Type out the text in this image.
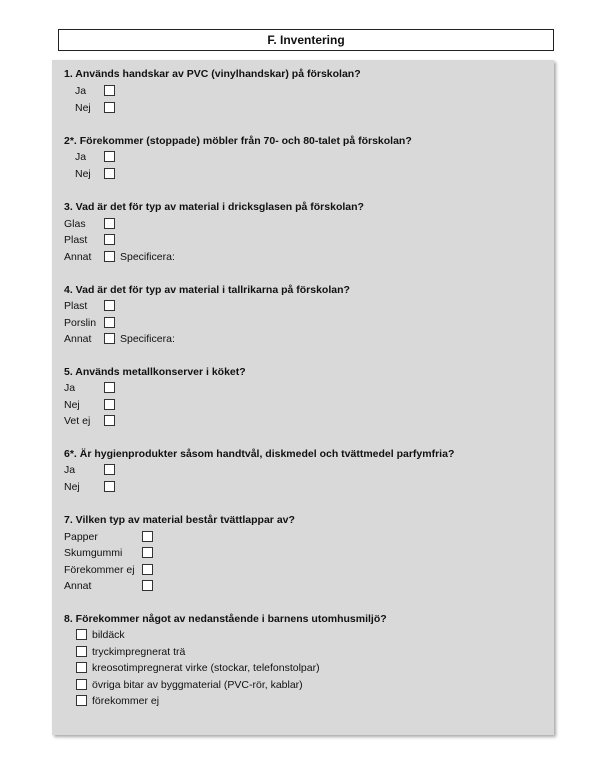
F. Inventering
1. Används handskar av PVC (vinylhandskar) på förskolan?
Ja
Nej
2*. Förekommer (stoppade) möbler från 70- och 80-talet på förskolan?
Ja
Nej
3. Vad är det för typ av material i dricksglasen på förskolan?
Glas
Plast
Annat	Specificera:
4. Vad är det för typ av material i tallrikarna på förskolan?
Plast
Porslin
Annat	Specificera:
5. Används metallkonserver i köket?
Ja
Nej
Vet ej
6*. Är hygienprodukter såsom handtvål, diskmedel och tvättmedel parfymfria?
Ja
Nej
7. Vilken typ av material består tvättlappar av?
Papper
Skumgummi
Förekommer ej
Annat
8. Förekommer något av nedanstående i barnens utomhusmiljö?
bildäck
tryckimpregnerat trä
kreosotimpregnerat virke (stockar, telefonstolpar)
övriga bitar av byggmaterial (PVC-rör, kablar)
förekommer ej
